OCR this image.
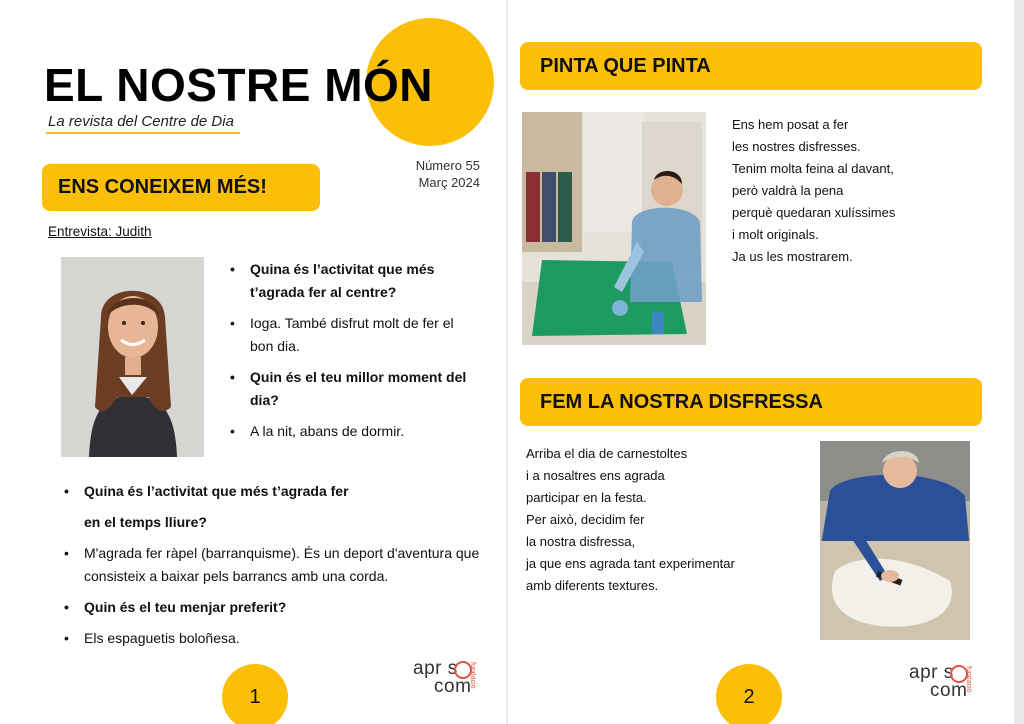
EL NOSTRE MÓN
La revista del Centre de Dia
Número 55
Març 2024
ENS CONEIXEM MÉS!
Entrevista: Judith
• Quina és l’activitat que més t’agrada fer al centre?
• Ioga. També disfrut molt de fer el bon dia.
• Quin és el teu millor moment del dia?
• A la nit, abans de dormir.
• Quina és l’activitat que més t’agrada fer
en el temps lliure?
• M'agrada fer ràpel (barranquisme). És un deport d'aventura que consisteix a baixar pels barrancs amb una corda.
• Quin és el teu menjar preferit?
• Els espaguetis boloñesa.
1
apr s
com
fundació
PINTA QUE PINTA
Ens hem posat a fer
les nostres disfresses.
Tenim molta feina al davant,
però valdrà la pena
perquè quedaran xulíssimes
i molt originals.
Ja us les mostrarem.
FEM LA NOSTRA DISFRESSA
Arriba el dia de carnestoltes
i a nosaltres ens agrada
participar en la festa.
Per això, decidim fer
la nostra disfressa,
ja que ens agrada tant experimentar
amb diferents textures.
2
apr s
com
fundació
